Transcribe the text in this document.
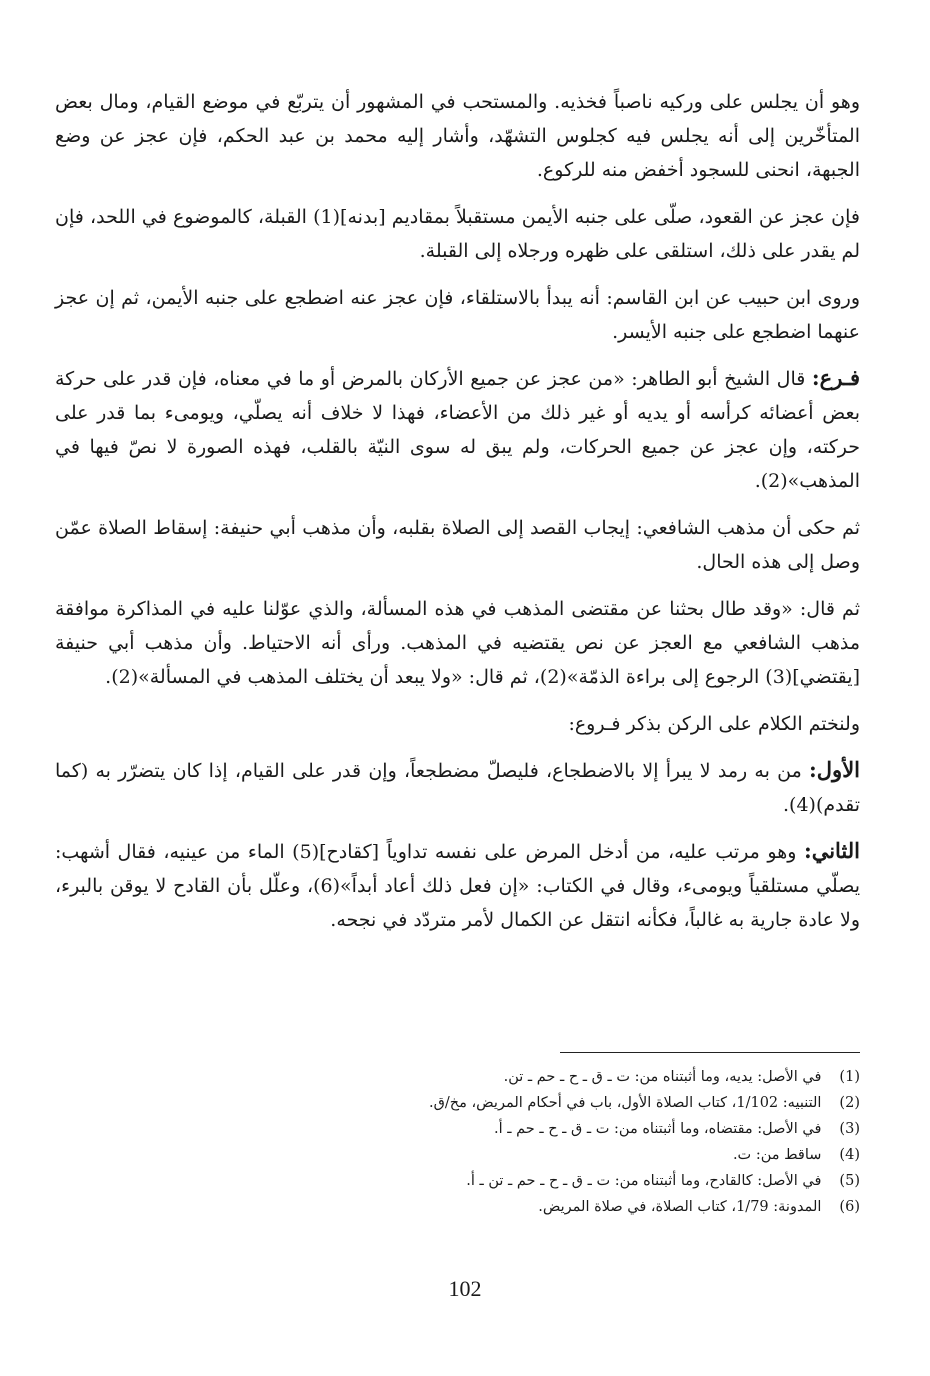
وهو أن يجلس على وركيه ناصباً فخذيه. والمستحب في المشهور أن يتربّع في موضع القيام، ومال بعض المتأخّرين إلى أنه يجلس فيه كجلوس التشهّد، وأشار إليه محمد بن عبد الحكم، فإن عجز عن وضع الجبهة، انحنى للسجود أخفض منه للركوع.

فإن عجز عن القعود، صلّى على جنبه الأيمن مستقبلاً بمقاديم [بدنه](1) القبلة، كالموضوع في اللحد، فإن لم يقدر على ذلك، استلقى على ظهره ورجلاه إلى القبلة.

وروى ابن حبيب عن ابن القاسم: أنه يبدأ بالاستلقاء، فإن عجز عنه اضطجع على جنبه الأيمن، ثم إن عجز عنهما اضطجع على جنبه الأيسر.

فـرع: قال الشيخ أبو الطاهر: «من عجز عن جميع الأركان بالمرض أو ما في معناه، فإن قدر على حركة بعض أعضائه كرأسه أو يديه أو غير ذلك من الأعضاء، فهذا لا خلاف أنه يصلّي، ويومىء بما قدر على حركته، وإن عجز عن جميع الحركات، ولم يبق له سوى النيّة بالقلب، فهذه الصورة لا نصّ فيها في المذهب»(2).

ثم حكى أن مذهب الشافعي: إيجاب القصد إلى الصلاة بقلبه، وأن مذهب أبي حنيفة: إسقاط الصلاة عمّن وصل إلى هذه الحال.

ثم قال: «وقد طال بحثنا عن مقتضى المذهب في هذه المسألة، والذي عوّلنا عليه في المذاكرة موافقة مذهب الشافعي مع العجز عن نص يقتضيه في المذهب. ورأى أنه الاحتياط. وأن مذهب أبي حنيفة [يقتضي](3) الرجوع إلى براءة الذمّة»(2)، ثم قال: «ولا يبعد أن يختلف المذهب في المسألة»(2).

ولنختم الكلام على الركن بذكر فـروع:

الأول: من به رمد لا يبرأ إلا بالاضطجاع، فليصلّ مضطجعاً، وإن قدر على القيام، إذا كان يتضرّر به (كما تقدم)(4).

الثاني: وهو مرتب عليه، من أدخل المرض على نفسه تداوياً [كقادح](5) الماء من عينيه، فقال أشهب: يصلّي مستلقياً ويومىء، وقال في الكتاب: «إن فعل ذلك أعاد أبداً»(6)، وعلّل بأن القادح لا يوقن بالبرء، ولا عادة جارية به غالباً، فكأنه انتقل عن الكمال لأمر متردّد في نجحه.

(1) في الأصل: يديه، وما أثبتناه من: ت ـ ق ـ ح ـ حم ـ تن.
(2) التنبيه: 1/102، كتاب الصلاة الأول، باب في أحكام المريض، مخ/ق.
(3) في الأصل: مقتضاه، وما أثبتناه من: ت ـ ق ـ ح ـ حم ـ أ.
(4) ساقط من: ت.
(5) في الأصل: كالقادح، وما أثبتناه من: ت ـ ق ـ ح ـ حم ـ تن ـ أ.
(6) المدونة: 1/79، كتاب الصلاة، في صلاة المريض.
102
